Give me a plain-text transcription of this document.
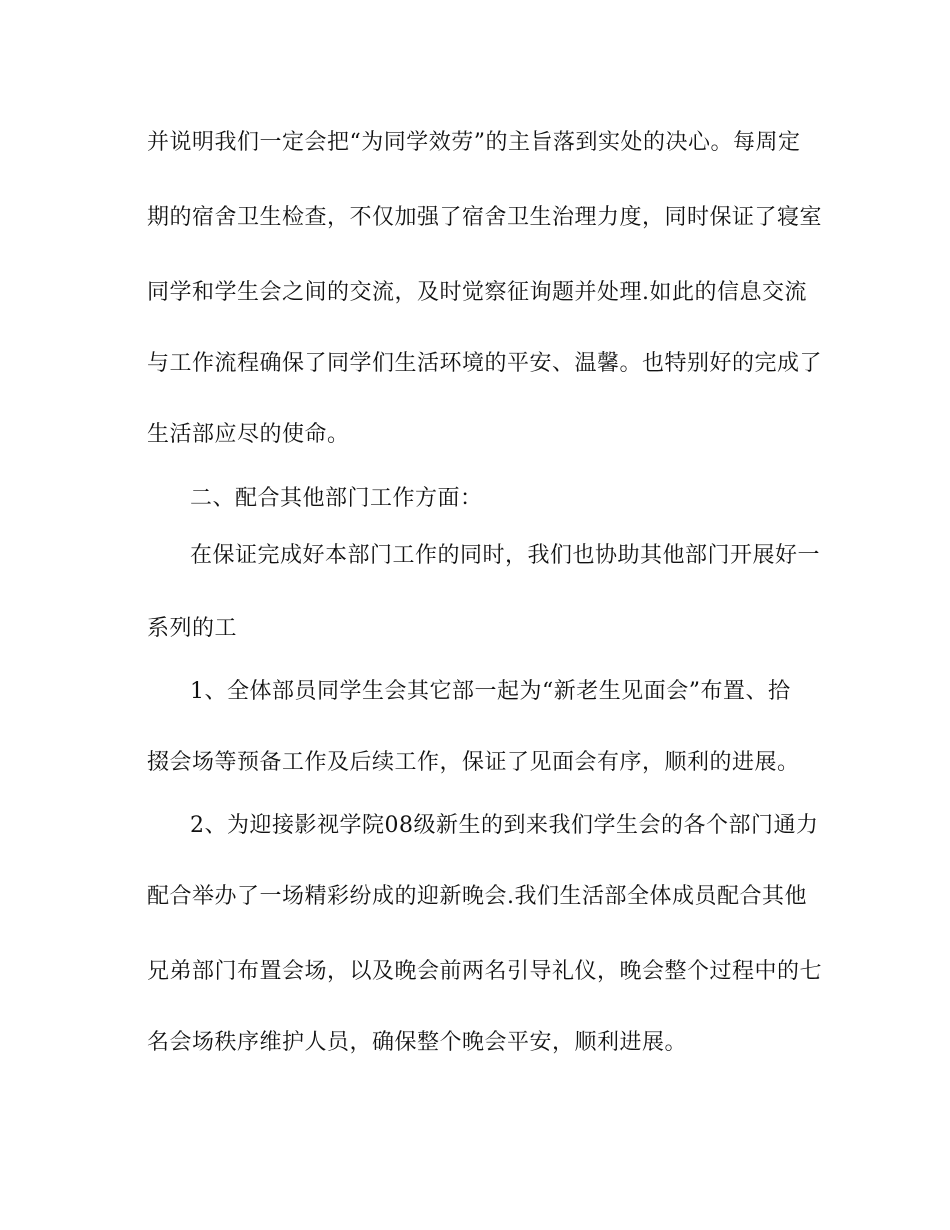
并说明我们一定会把“为同学效劳”的主旨落到实处的决心。每周定
期的宿舍卫生检查，不仅加强了宿舍卫生治理力度，同时保证了寝室
同学和学生会之间的交流，及时觉察征询题并处理.如此的信息交流
与工作流程确保了同学们生活环境的平安、温馨。也特别好的完成了
生活部应尽的使命。
二、配合其他部门工作方面：
在保证完成好本部门工作的同时，我们也协助其他部门开展好一
系列的工
1、全体部员同学生会其它部一起为“新老生见面会”布置、拾
掇会场等预备工作及后续工作，保证了见面会有序，顺利的进展。
2、为迎接影视学院08级新生的到来我们学生会的各个部门通力
配合举办了一场精彩纷成的迎新晚会.我们生活部全体成员配合其他
兄弟部门布置会场，以及晚会前两名引导礼仪，晚会整个过程中的七
名会场秩序维护人员，确保整个晚会平安，顺利进展。
